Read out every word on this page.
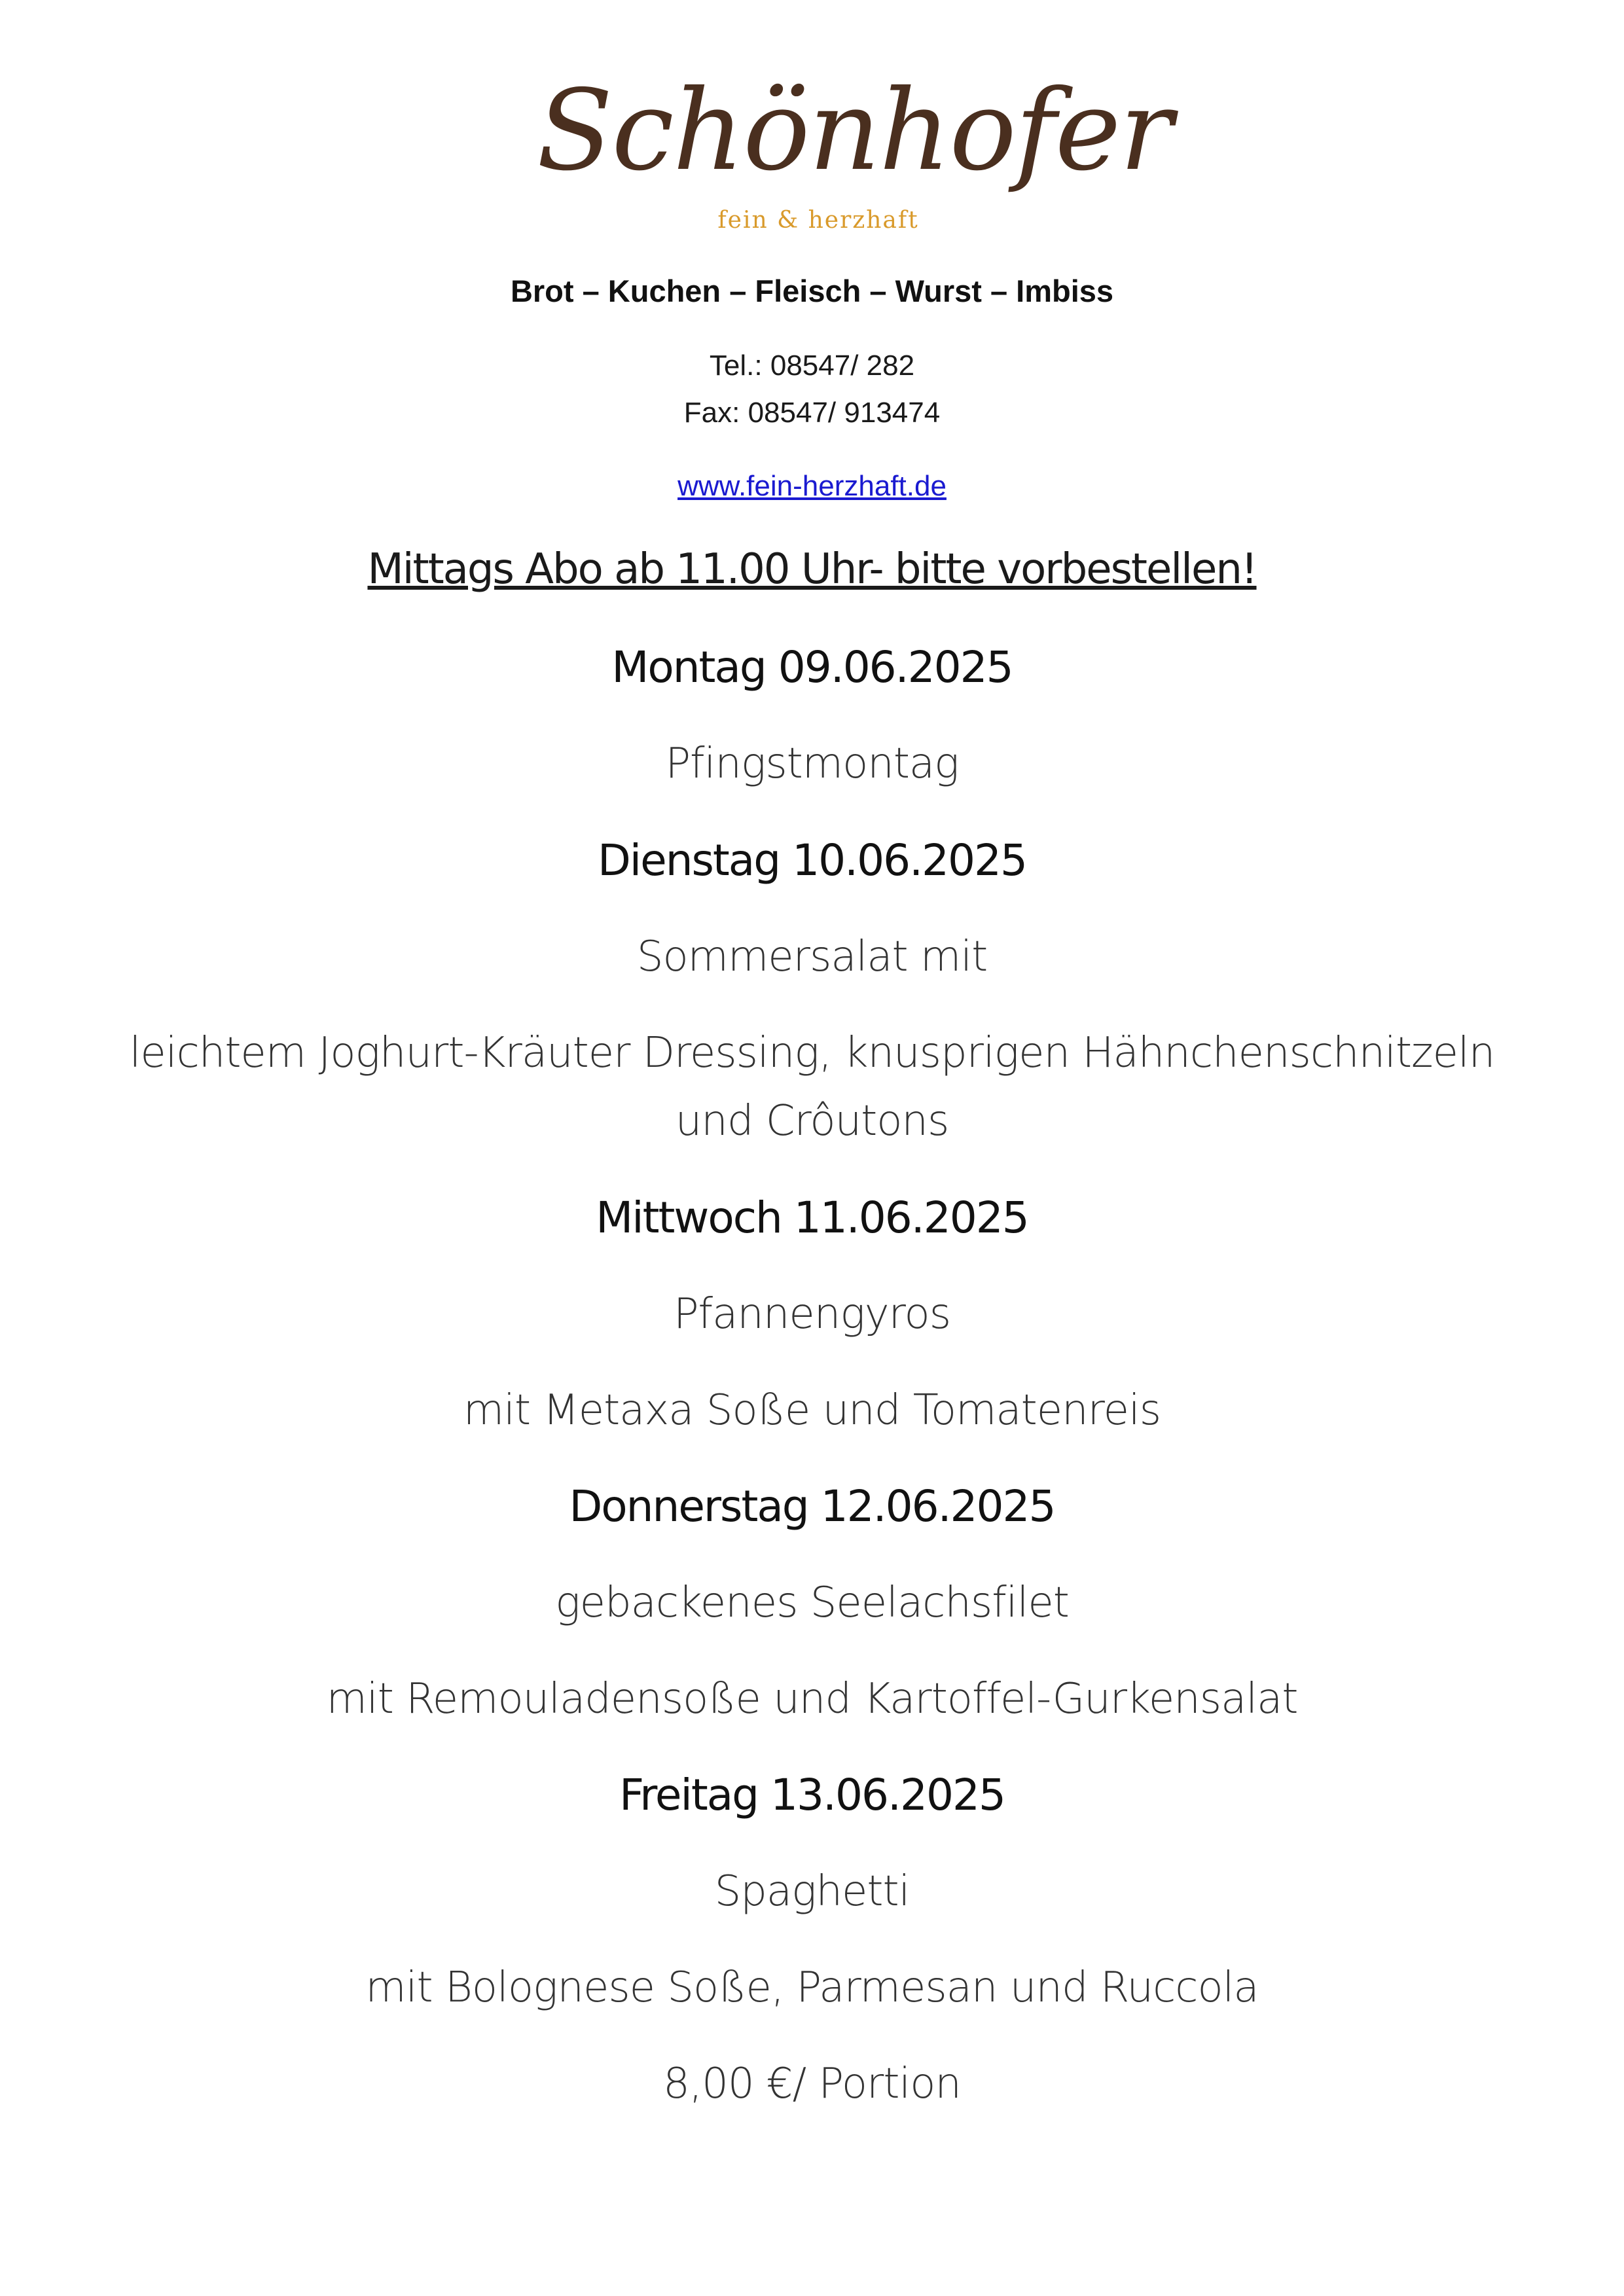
Schönhofer
fein & herzhaft
Brot – Kuchen – Fleisch – Wurst – Imbiss
Tel.: 08547/ 282
Fax: 08547/ 913474
www.fein-herzhaft.de
Mittags Abo ab 11.00 Uhr- bitte vorbestellen!
Montag 09.06.2025
Pfingstmontag
Dienstag 10.06.2025
Sommersalat mit
leichtem Joghurt-Kräuter Dressing, knusprigen Hähnchenschnitzeln
und Crôutons
Mittwoch 11.06.2025
Pfannengyros
mit Metaxa Soße und Tomatenreis
Donnerstag 12.06.2025
gebackenes Seelachsfilet
mit Remouladensoße und Kartoffel-Gurkensalat
Freitag 13.06.2025
Spaghetti
mit Bolognese Soße, Parmesan und Ruccola
8,00 €/ Portion
